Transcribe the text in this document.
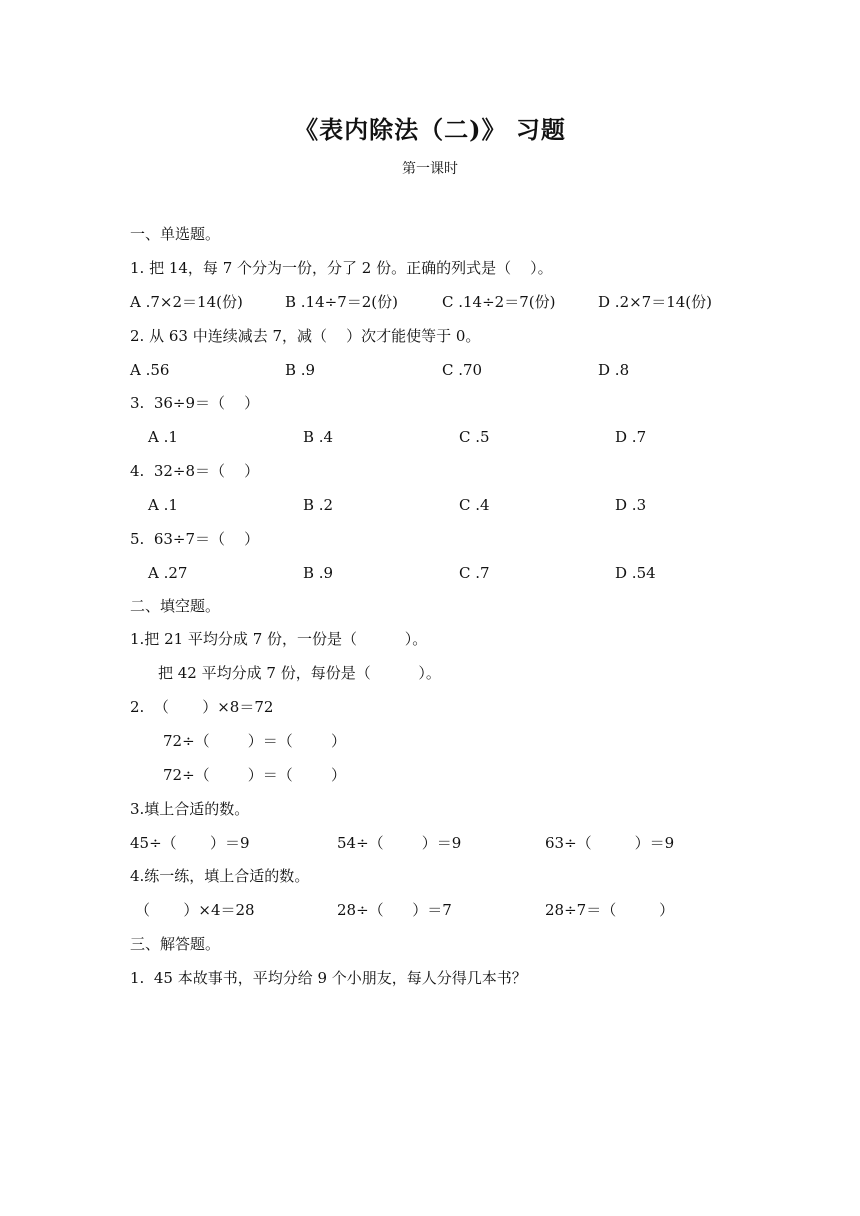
《表内除法（二)》 习题
第一课时
一、单选题。
1. 把 14，每 7 个分为一份，分了 2 份。正确的列式是（    ）。
A .7×2＝14(份)	B .14÷7＝2(份)	C .14÷2＝7(份)	D .2×7＝14(份)
2. 从 63 中连续减去 7，减（    ）次才能使等于 0。
A .56	B .9	C .70	D .8
3.  36÷9＝（    ）
A .1	B .4	C .5	D .7
4.  32÷8＝（    ）
A .1	B .2	C .4	D .3
5.  63÷7＝（    ）
A .27	B .9	C .7	D .54
二、填空题。
1.把 21 平均分成 7 份，一份是（          ）。
把 42 平均分成 7 份，每份是（          ）。
2.  （       ）×8＝72
72÷（        ）＝（        ）
72÷（        ）＝（        ）
3.填上合适的数。
45÷（       ）＝9	54÷（        ）＝9	63÷（         ）＝9
4.练一练，填上合适的数。
（       ）×4＝28	28÷（      ）＝7	28÷7＝（         ）
三、解答题。
1.  45 本故事书，平均分给 9 个小朋友，每人分得几本书？
